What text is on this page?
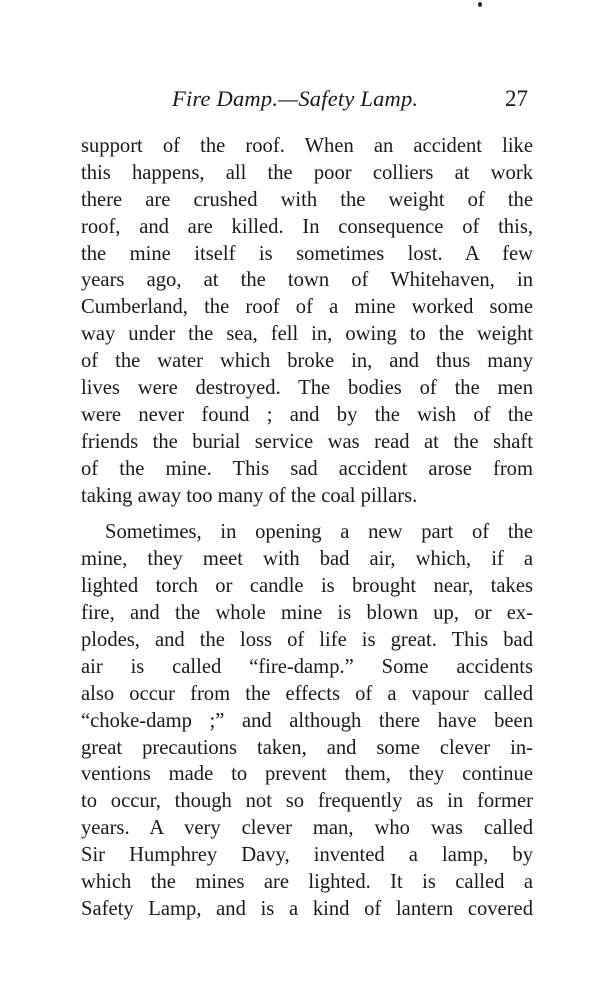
Fire Damp.—Safety Lamp.	27
support of the roof. When an accident like
this happens, all the poor colliers at work
there are crushed with the weight of the
roof, and are killed. In consequence of this,
the mine itself is sometimes lost. A few
years ago, at the town of Whitehaven, in
Cumberland, the roof of a mine worked some
way under the sea, fell in, owing to the weight
of the water which broke in, and thus many
lives were destroyed. The bodies of the men
were never found ; and by the wish of the
friends the burial service was read at the shaft
of the mine. This sad accident arose from
taking away too many of the coal pillars.
Sometimes, in opening a new part of the
mine, they meet with bad air, which, if a
lighted torch or candle is brought near, takes
fire, and the whole mine is blown up, or ex-
plodes, and the loss of life is great. This bad
air is called “fire-damp.” Some accidents
also occur from the effects of a vapour called
“choke-damp ;” and although there have been
great precautions taken, and some clever in-
ventions made to prevent them, they continue
to occur, though not so frequently as in former
years. A very clever man, who was called
Sir Humphrey Davy, invented a lamp, by
which the mines are lighted. It is called a
Safety Lamp, and is a kind of lantern covered
